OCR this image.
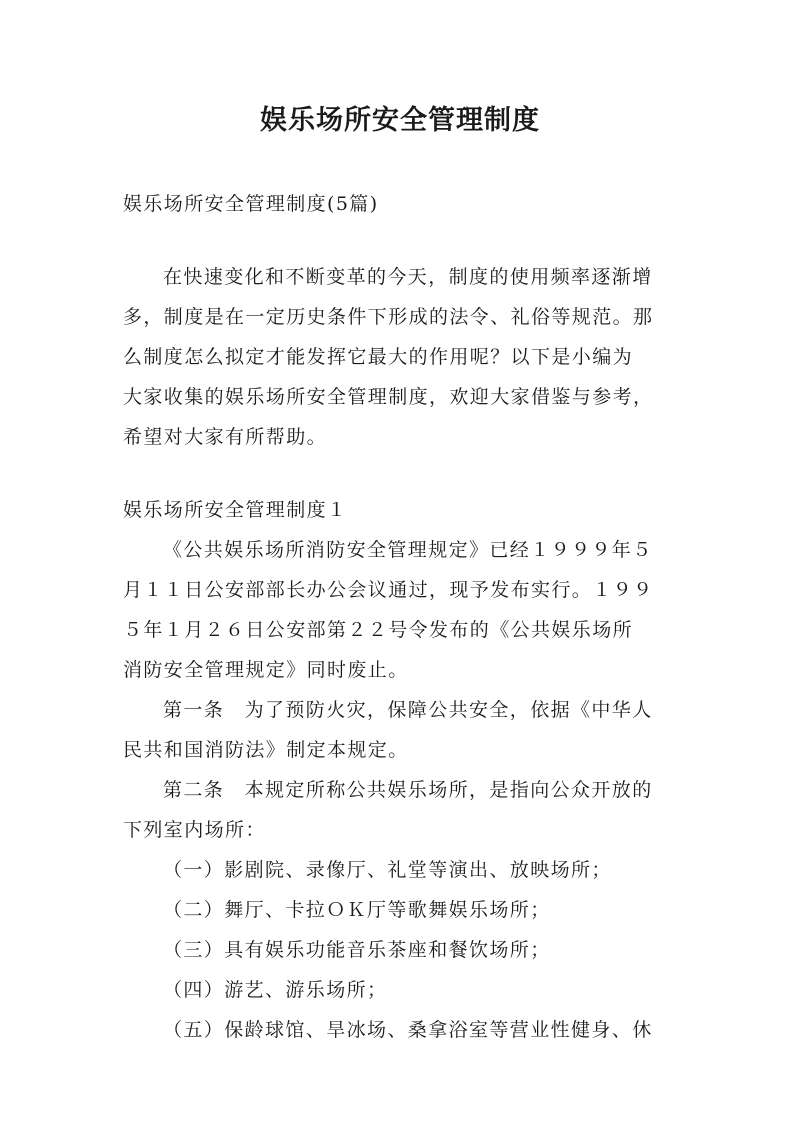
娱乐场所安全管理制度
娱乐场所安全管理制度(5篇)
在快速变化和不断变革的今天，制度的使用频率逐渐增
多，制度是在一定历史条件下形成的法令、礼俗等规范。那
么制度怎么拟定才能发挥它最大的作用呢？以下是小编为
大家收集的娱乐场所安全管理制度，欢迎大家借鉴与参考，
希望对大家有所帮助。
娱乐场所安全管理制度１
《公共娱乐场所消防安全管理规定》已经１９９９年５
月１１日公安部部长办公会议通过，现予发布实行。１９９
５年１月２６日公安部第２２号令发布的《公共娱乐场所
消防安全管理规定》同时废止。
第一条　为了预防火灾，保障公共安全，依据《中华人
民共和国消防法》制定本规定。
第二条　本规定所称公共娱乐场所，是指向公众开放的
下列室内场所：
（一）影剧院、录像厅、礼堂等演出、放映场所；
（二）舞厅、卡拉ＯＫ厅等歌舞娱乐场所；
（三）具有娱乐功能音乐茶座和餐饮场所；
（四）游艺、游乐场所；
（五）保龄球馆、旱冰场、桑拿浴室等营业性健身、休
